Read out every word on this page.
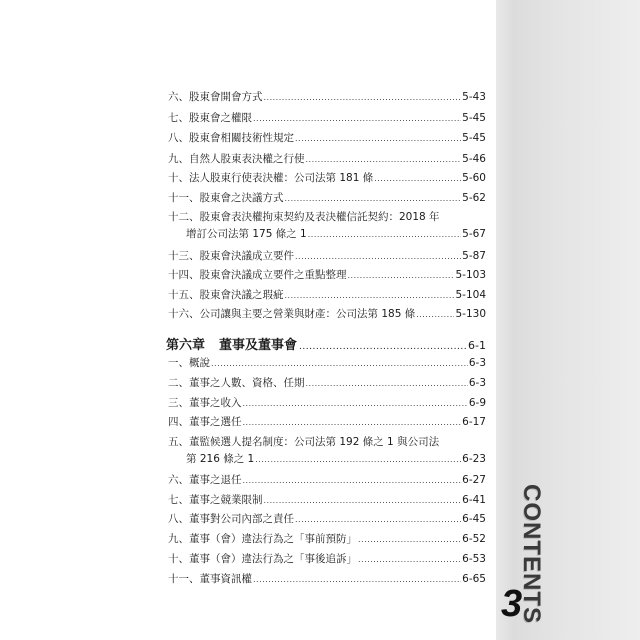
六、股東會開會方式 .....	5-43
七、股東會之權限 .....	5-45
八、股東會相關技術性規定 .....	5-45
九、自然人股東表決權之行使 .....	5-46
十、法人股東行使表決權：公司法第 181 條 .....	5-60
十一、股東會之決議方式 .....	5-62
十二、股東會表決權拘束契約及表決權信託契約：2018 年
增訂公司法第 175 條之 1 .....	5-67
十三、股東會決議成立要件 .....	5-87
十四、股東會決議成立要件之重點整理 .....	5-103
十五、股東會決議之瑕疵 .....	5-104
十六、公司讓與主要之營業與財產：公司法第 185 條 .....	5-130
第六章 董事及董事會 .....	6-1
一、概說 .....	6-3
二、董事之人數、資格、任期 .....	6-3
三、董事之收入 .....	6-9
四、董事之選任 .....	6-17
五、董監候選人提名制度：公司法第 192 條之 1 與公司法
第 216 條之 1 .....	6-23
六、董事之退任 .....	6-27
七、董事之競業限制 .....	6-41
八、董事對公司內部之責任 .....	6-45
九、董事（會）違法行為之「事前預防」 .....	6-52
十、董事（會）違法行為之「事後追訴」 .....	6-53
十一、董事資訊權 .....	6-65 CONTENTS
3
